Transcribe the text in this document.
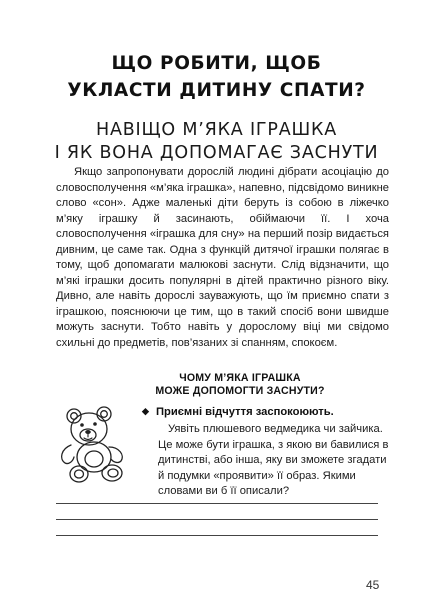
ЩО РОБИТИ, ЩОБ
УКЛАСТИ ДИТИНУ СПАТИ?
НАВІЩО М’ЯКА ІГРАШКА
І ЯК ВОНА ДОПОМАГАЄ ЗАСНУТИ

Якщо запропонувати дорослій людині дібрати асоціацію до словосполучення «м’яка іграшка», напевно, підсвідомо виникне слово «сон». Адже маленькі діти беруть із собою в ліжечко м’яку іграшку й засинають, обіймаючи її. І хоча словосполучення «іграшка для сну» на перший позір видається дивним, це саме так. Одна з функцій дитячої іграшки полягає в тому, щоб допомагати малюкові заснути. Слід відзначити, що м’які іграшки досить популярні в дітей практично різного віку. Дивно, але навіть дорослі зауважують, що їм приємно спати з іграшкою, пояснюючи це тим, що в такий спосіб вони швидше можуть заснути. Тобто навіть у дорослому віці ми свідомо схильні до предметів, пов’язаних зі спанням, спокоєм.

ЧОМУ М’ЯКА ІГРАШКА
МОЖЕ ДОПОМОГТИ ЗАСНУТИ?
◆ Приємні відчуття заспокоюють.

Уявіть плюшевого ведмедика чи зайчика. Це може бути іграшка, з якою ви бавилися в дитинстві, або інша, яку ви зможете згадати й подумки «проявити» її образ. Якими словами ви б її описали?

45
